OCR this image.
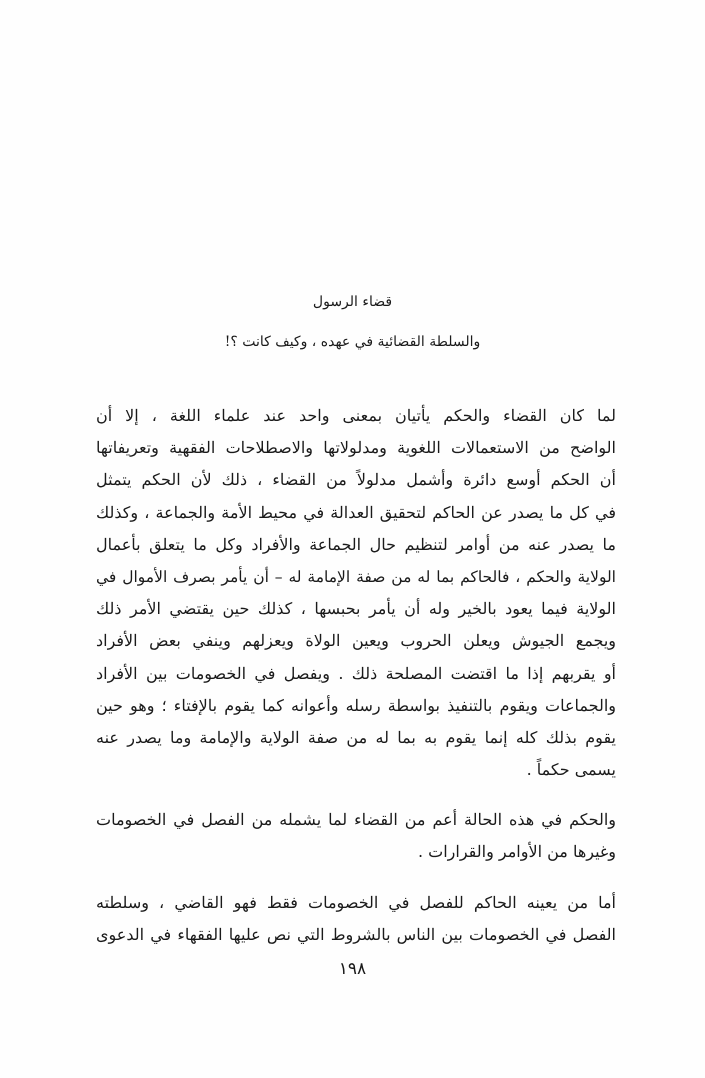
قضاء الرسول
والسلطة القضائية في عهده ، وكيف كانت ؟!
لما كان القضاء والحكم يأتيان بمعنى واحد عند علماء اللغة ، إلا أن
الواضح من الاستعمالات اللغوية ومدلولاتها والاصطلاحات الفقهية وتعريفاتها
أن الحكم أوسع دائرة وأشمل مدلولاً من القضاء ، ذلك لأن الحكم يتمثل
في كل ما يصدر عن الحاكم لتحقيق العدالة في محيط الأمة والجماعة ، وكذلك
ما يصدر عنه من أوامر لتنظيم حال الجماعة والأفراد وكل ما يتعلق بأعمال
الولاية والحكم ، فالحاكم بما له من صفة الإمامة له – أن يأمر بصرف الأموال في
الولاية فيما يعود بالخير وله أن يأمر بحبسها ، كذلك حين يقتضي الأمر ذلك
ويجمع الجيوش ويعلن الحروب ويعين الولاة ويعزلهم وينفي بعض الأفراد
أو يقربهم إذا ما اقتضت المصلحة ذلك . ويفصل في الخصومات بين الأفراد
والجماعات ويقوم بالتنفيذ بواسطة رسله وأعوانه كما يقوم بالإفتاء ؛ وهو حين
يقوم بذلك كله إنما يقوم به بما له من صفة الولاية والإمامة وما يصدر عنه
يسمى حكماً .
والحكم في هذه الحالة أعم من القضاء لما يشمله من الفصل في الخصومات
وغيرها من الأوامر والقرارات .
أما من يعينه الحاكم للفصل في الخصومات فقط فهو القاضي ، وسلطته
الفصل في الخصومات بين الناس بالشروط التي نص عليها الفقهاء في الدعوى
١٩٨
